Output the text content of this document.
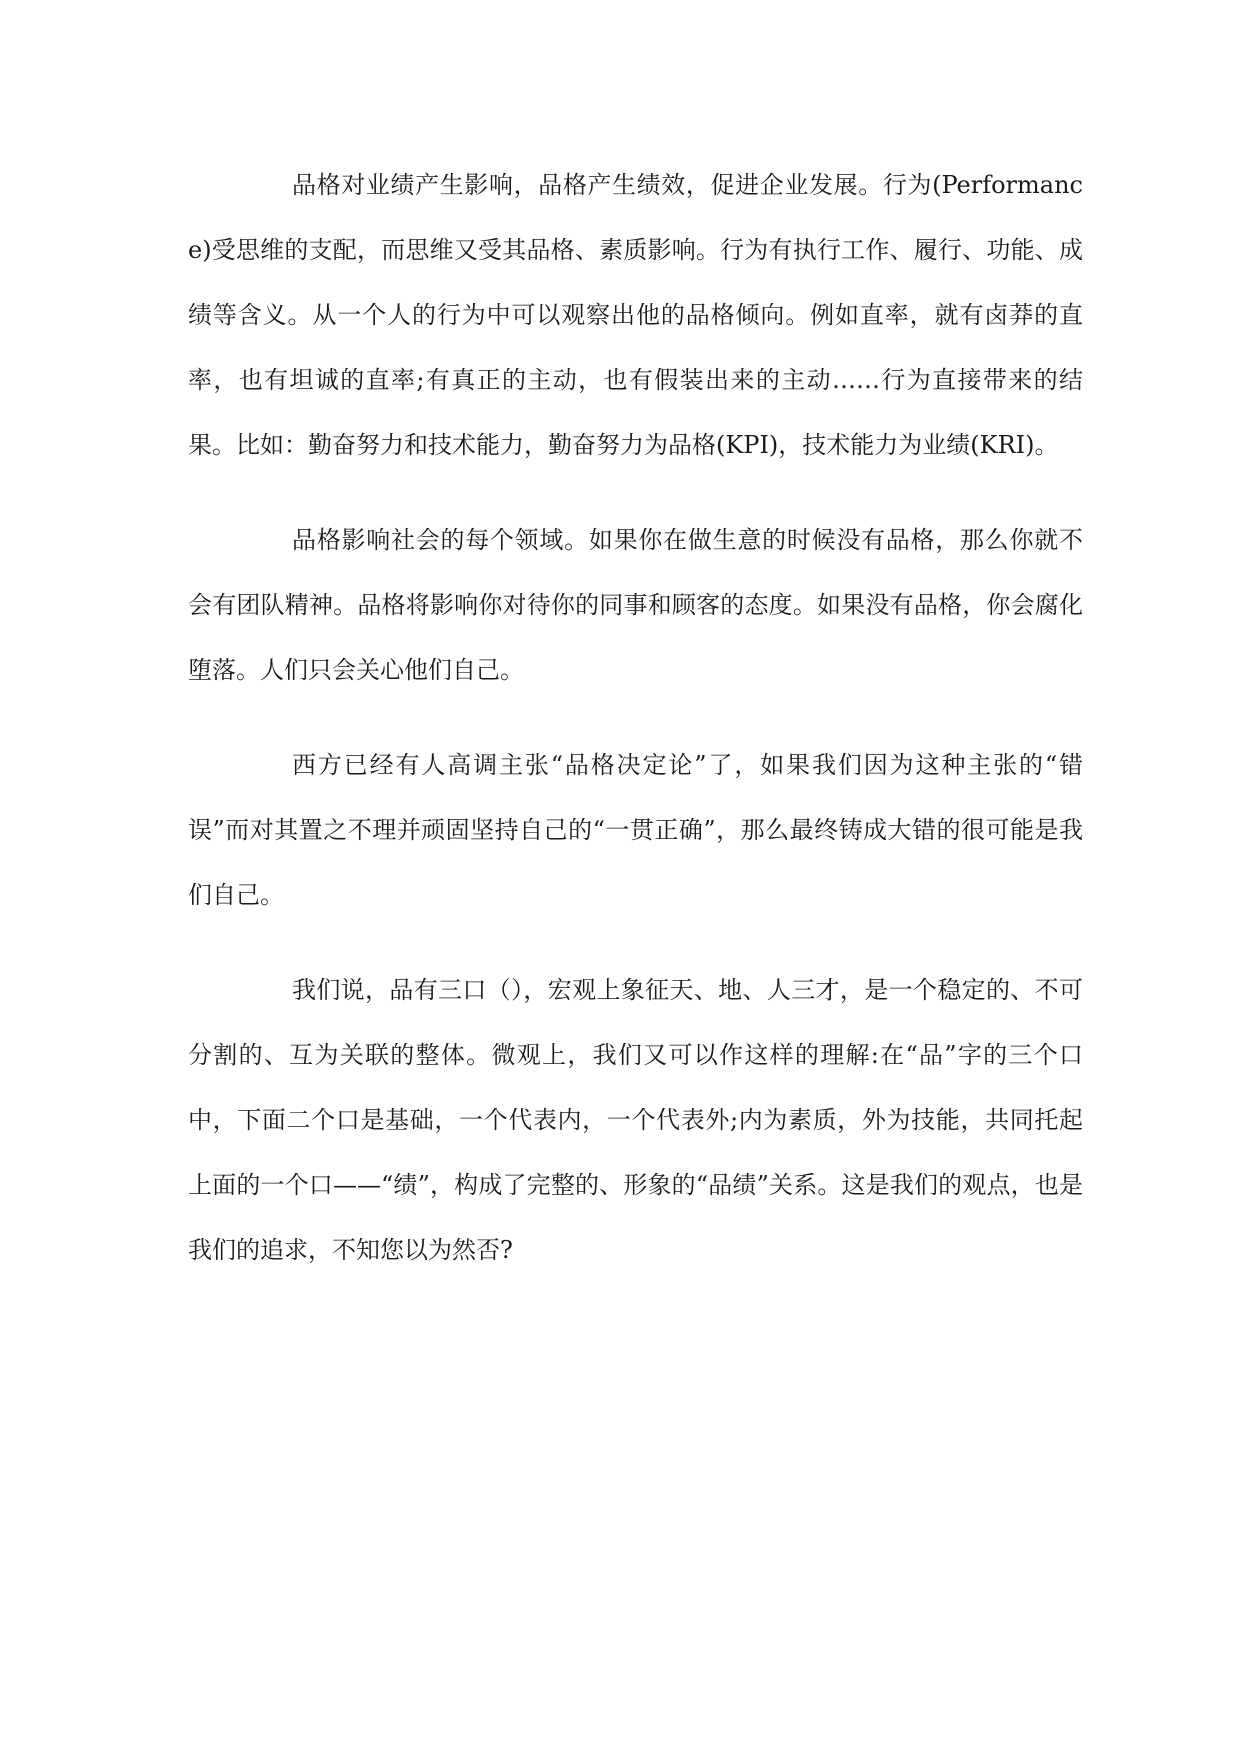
品格对业绩产生影响，品格产生绩效，促进企业发展。行为(Performance)受思维的支配，而思维又受其品格、素质影响。行为有执行工作、履行、功能、成绩等含义。从一个人的行为中可以观察出他的品格倾向。例如直率，就有卤莽的直率，也有坦诚的直率;有真正的主动，也有假装出来的主动……行为直接带来的结果。比如：勤奋努力和技术能力，勤奋努力为品格(KPI)，技术能力为业绩(KRI)。

品格影响社会的每个领域。如果你在做生意的时候没有品格，那么你就不会有团队精神。品格将影响你对待你的同事和顾客的态度。如果没有品格，你会腐化堕落。人们只会关心他们自己。

西方已经有人高调主张“品格决定论”了，如果我们因为这种主张的“错误”而对其置之不理并顽固坚持自己的“一贯正确”，那么最终铸成大错的很可能是我们自己。

我们说，品有三口（），宏观上象征天、地、人三才，是一个稳定的、不可分割的、互为关联的整体。微观上，我们又可以作这样的理解:在“品”字的三个口中，下面二个口是基础，一个代表内，一个代表外;内为素质，外为技能，共同托起上面的一个口——“绩”，构成了完整的、形象的“品绩”关系。这是我们的观点，也是我们的追求，不知您以为然否?
